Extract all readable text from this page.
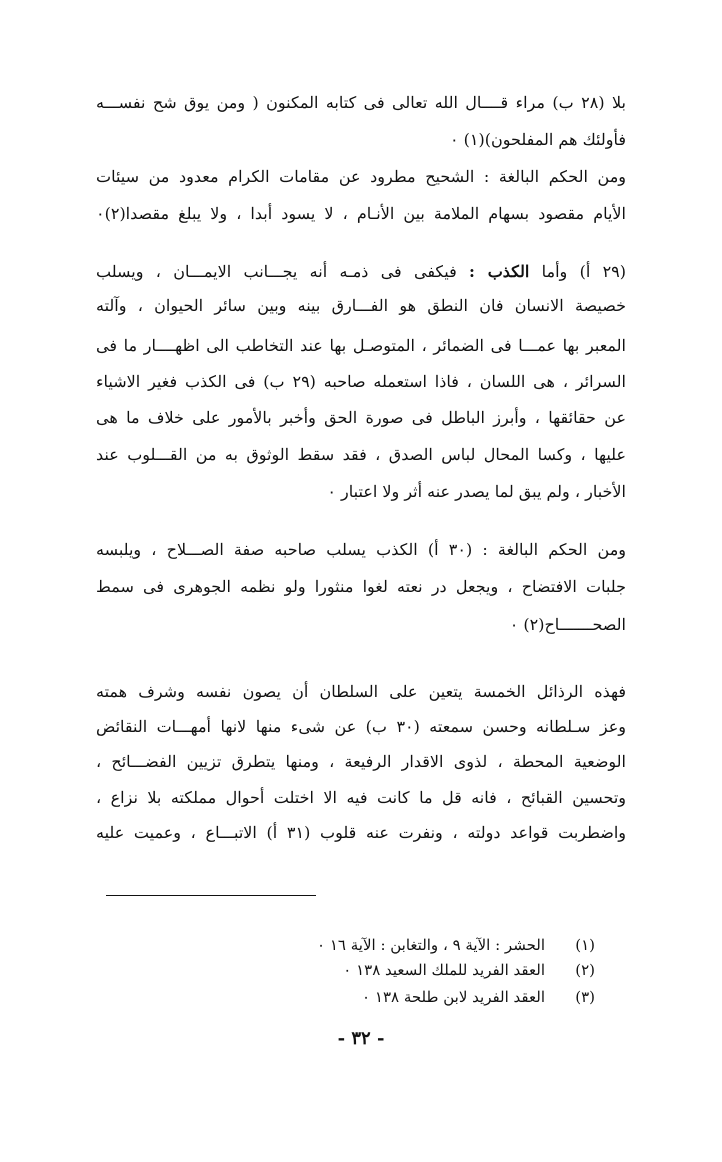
بلا (٢٨ ب) مراء قــــال الله تعالى فى كتابه المكنون ( ومن يوق شح نفســـه
فأولئك هم المفلحون)(١) ٠
ومن الحكم البالغة : الشحيح مطرود عن مقامات الكرام معدود من سيئات
الأيام مقصود بسهام الملامة بين الأنـام ، لا يسود أبدا ، ولا يبلغ مقصدا(٢)٠
(٢٩ أ) وأما الكذب : فيكفى فى ذمـه أنه يجـــانب الايمـــان ، ويسلب
خصيصة الانسان فان النطق هو الفـــارق بينه وبين سائر الحيوان ، وآلته
المعبر بها عمـــا فى الضمائر ، المتوصـل بها عند التخاطب الى اظهــــار ما فى
السرائر ، هى اللسان ، فاذا استعمله صاحبه (٢٩ ب) فى الكذب فغير الاشياء
عن حقائقها ، وأبرز الباطل فى صورة الحق وأخبر بالأمور على خلاف ما هى
عليها ، وكسا المحال لباس الصدق ، فقد سقط الوثوق به من القـــلوب عند
الأخبار ، ولم يبق لما يصدر عنه أثر ولا اعتبار ٠
ومن الحكم البالغة : (٣٠ أ) الكذب يسلب صاحبه صفة الصـــلاح ، ويلبسه
جلبات الافتضاح ، ويجعل در نعته لغوا منثورا ولو نظمه الجوهرى فى سمط
الصحـــــــاح(٢) ٠
فهذه الرذائل الخمسة يتعين على السلطان أن يصون نفسه وشرف همته
وعز سـلطانه وحسن سمعته (٣٠ ب) عن شىء منها لانها أمهـــات النقائض
الوضعية المحطة ، لذوى الاقدار الرفيعة ، ومنها يتطرق تزيين الفضـــائح ،
وتحسين القبائح ، فانه قل ما كانت فيه الا اختلت أحوال مملكته بلا نزاع ،
واضطربت قواعد دولته ، ونفرت عنه قلوب (٣١ أ) الاتبـــاع ، وعميت عليه
(١)
الحشر : الآية ٩ ، والتغابن : الآية ١٦ ٠
(٢)
العقد الفريد للملك السعيد ١٣٨ ٠
(٣)
العقد الفريد لابن طلحة ١٣٨ ٠
- ٣٢ -
